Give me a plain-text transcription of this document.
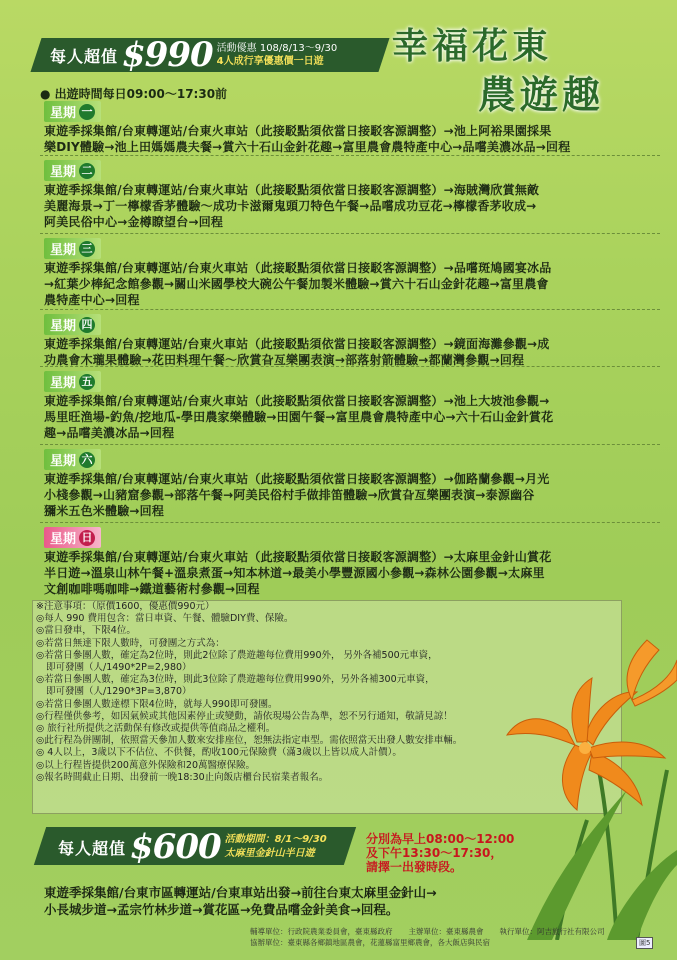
每人超值 $990 活動優惠 108/8/13～9/30
4人成行享優惠價一日遊	幸福花東
農遊趣
● 出遊時間每日09:00～17:30前
星期 一
東遊季採集館/台東轉運站/台東火車站（此接駁點須依當日接駁客源調整）→池上阿裕果園採果
樂DIY體驗→池上田媽媽農夫餐→賞六十石山金針花趣→富里農會農特產中心→品嚐美濃冰品→回程
星期 二
東遊季採集館/台東轉運站/台東火車站（此接駁點須依當日接駁客源調整）→海賊灣欣賞無敵
美麗海景→丁一檸檬香茅體驗～成功卡滋爾鬼頭刀特色午餐→品嚐成功豆花→檸檬香茅收成→
阿美民俗中心→金樽瞭望台→回程
星期 三
東遊季採集館/台東轉運站/台東火車站（此接駁點須依當日接駁客源調整）→品嚐斑鳩國宴冰品
→紅葉少棒紀念館參觀→關山米國學校大碗公午餐加製米體驗→賞六十石山金針花趣→富里農會
農特產中心→回程
星期 四
東遊季採集館/台東轉運站/台東火車站（此接駁點須依當日接駁客源調整）→鏡面海灘參觀→成
功農會木瓏果體驗→花田料理午餐～欣賞旮亙樂團表演→部落射箭體驗→都蘭灣參觀→回程
星期 五
東遊季採集館/台東轉運站/台東火車站（此接駁點須依當日接駁客源調整）→池上大坡池參觀→
馬里旺渔場-釣魚/挖地瓜-學田農家樂體驗→田園午餐→富里農會農特產中心→六十石山金針賞花
趣→品嚐美濃冰品→回程
星期 六
東遊季採集館/台東轉運站/台東火車站（此接駁點須依當日接駁客源調整）→伽路蘭參觀→月光
小棧參觀→山豬窟參觀→部落午餐→阿美民俗村手做排笛體驗→欣賞旮亙樂團表演→泰源幽谷
獼米五色米體驗→回程
星期 日
東遊季採集館/台東轉運站/台東火車站（此接駁點須依當日接駁客源調整）→太麻里金針山賞花
半日遊→溫泉山林午餐+溫泉煮蛋→知本林道→最美小學豐源國小參觀→森林公園參觀→太麻里
文創咖啡嗎咖啡→鐵道藝術村參觀→回程
※注意事項：（原價1600，優惠價990元）
◎每人 990 費用包含：當日車資、午餐、體驗DIY費、保險。
◎當日發車，下限4位。
◎若當日無達下限人數時，可發團之方式為：
◎若當日參團人數，確定為2位時，則此2位除了農遊趣每位費用990外， 另外各補500元車資，
即可發團（人/1490*2P=2,980）
◎若當日參團人數，確定為3位時，則此3位除了農遊趣每位費用990外，另外各補300元車資，
即可發團（人/1290*3P=3,870）
◎若當日參團人數達標下限4位時，就每人990即可發團。
◎行程僅供參考，如因氣候或其他因素停止或變動，請依現場公告為準，恕不另行通知，敬請見諒！
◎ 旅行社所提供之活動保有修改或提供等值商品之權利。
◎此行程為併團制，依照當天參加人數來安排座位，恕無法指定車型。需依照當天出發人數安排車輛。
◎ 4人以上，3歲以下不佔位、不供餐，酌收100元保險費（滿3歲以上皆以成人計價）。
◎以上行程皆提供200萬意外保險和20萬醫療保險。
◎報名時間截止日期、出發前一晚18:30止向飯店櫃台民宿業者報名。
每人超值 $600 活動期間：8/1～9/30
太麻里金針山半日遊
分別為早上08:00～12:00
及下午13:30～17:30，
請擇一出發時段。
東遊季採集館/台東市區轉運站/台東車站出發→前往台東太麻里金針山→
小長城步道→孟宗竹林步道→賞花區→免費品嚐金針美食→回程。
輔導單位：行政院農業委員會，臺東縣政府 主辦單位：臺東縣農會 執行單位：阿吉旅行社有限公司
協辦單位：臺東縣各鄉鎮地區農會，花蓮縣富里鄉農會，各大飯店與民宿	圖5
